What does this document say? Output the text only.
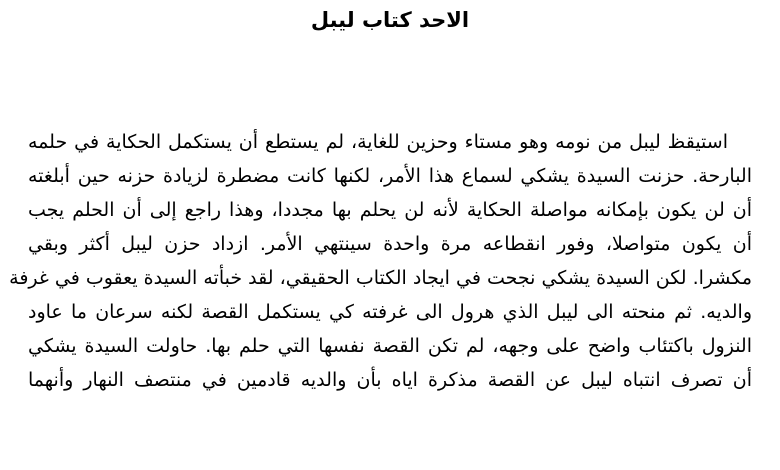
الاحد كتاب ليبل
استيقظ ليبل من نومه وهو مستاء وحزين للغاية، لم يستطع أن يستكمل الحكاية في حلمه
البارحة. حزنت السيدة يشكي لسماع هذا الأمر، لكنها كانت مضطرة لزيادة حزنه حين أبلغته
أن لن يكون بإمكانه مواصلة الحكاية لأنه لن يحلم بها مجددا، وهذا راجع إلى أن الحلم يجب
أن يكون متواصلا، وفور انقطاعه مرة واحدة سينتهي الأمر. ازداد حزن ليبل أكثر وبقي
مكشرا. لكن السيدة يشكي نجحت في ايجاد الكتاب الحقيقي، لقد خبأته السيدة يعقوب في غرفة
والديه. ثم منحته الى ليبل الذي هرول الى غرفته كي يستكمل القصة لكنه سرعان ما عاود
النزول باكتئاب واضح على وجهه، لم تكن القصة نفسها التي حلم بها. حاولت السيدة يشكي
أن تصرف انتباه ليبل عن القصة مذكرة اياه بأن والديه قادمين في منتصف النهار وأنهما
